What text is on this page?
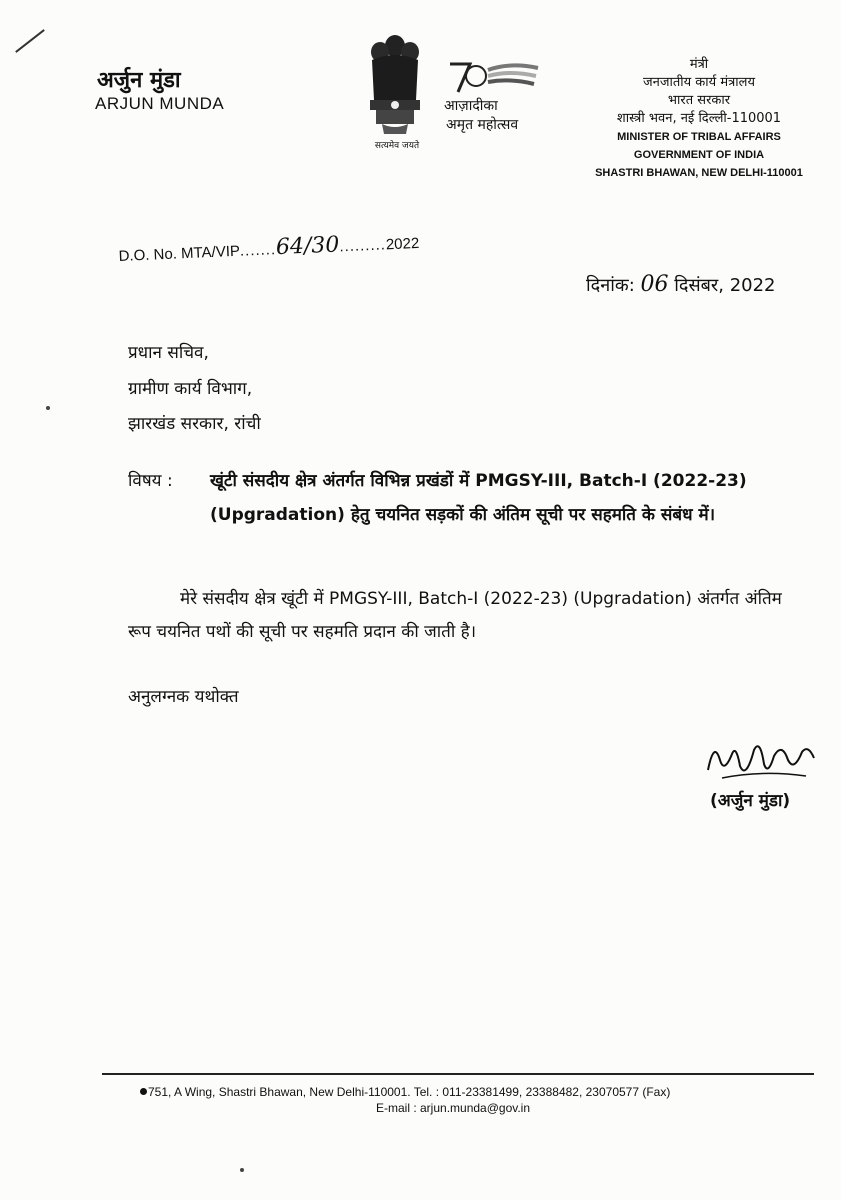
अर्जुन मुंडा
ARJUN MUNDA
सत्यमेव जयते
आज़ादीका
अमृत महोत्सव
मंत्री
जनजातीय कार्य मंत्रालय
भारत सरकार
शास्त्री भवन, नई दिल्ली-110001
MINISTER OF TRIBAL AFFAIRS
GOVERNMENT OF INDIA
SHASTRI BHAWAN, NEW DELHI-110001
D.O. No. MTA/VIP.......64/30.........2022
दिनांक: 06 दिसंबर, 2022
प्रधान सचिव,
ग्रामीण कार्य विभाग,
झारखंड सरकार, रांची
विषय : खूंटी संसदीय क्षेत्र अंतर्गत विभिन्न प्रखंडों में PMGSY-III, Batch-I (2022-23) (Upgradation) हेतु चयनित सड़कों की अंतिम सूची पर सहमति के संबंध में।
मेरे संसदीय क्षेत्र खूंटी में PMGSY-III, Batch-I (2022-23) (Upgradation) अंतर्गत अंतिम रूप चयनित पथों की सूची पर सहमति प्रदान की जाती है।
अनुलग्नक यथोक्त
(अर्जुन मुंडा)
751, A Wing, Shastri Bhawan, New Delhi-110001. Tel. : 011-23381499, 23388482, 23070577 (Fax)
E-mail : arjun.munda@gov.in
